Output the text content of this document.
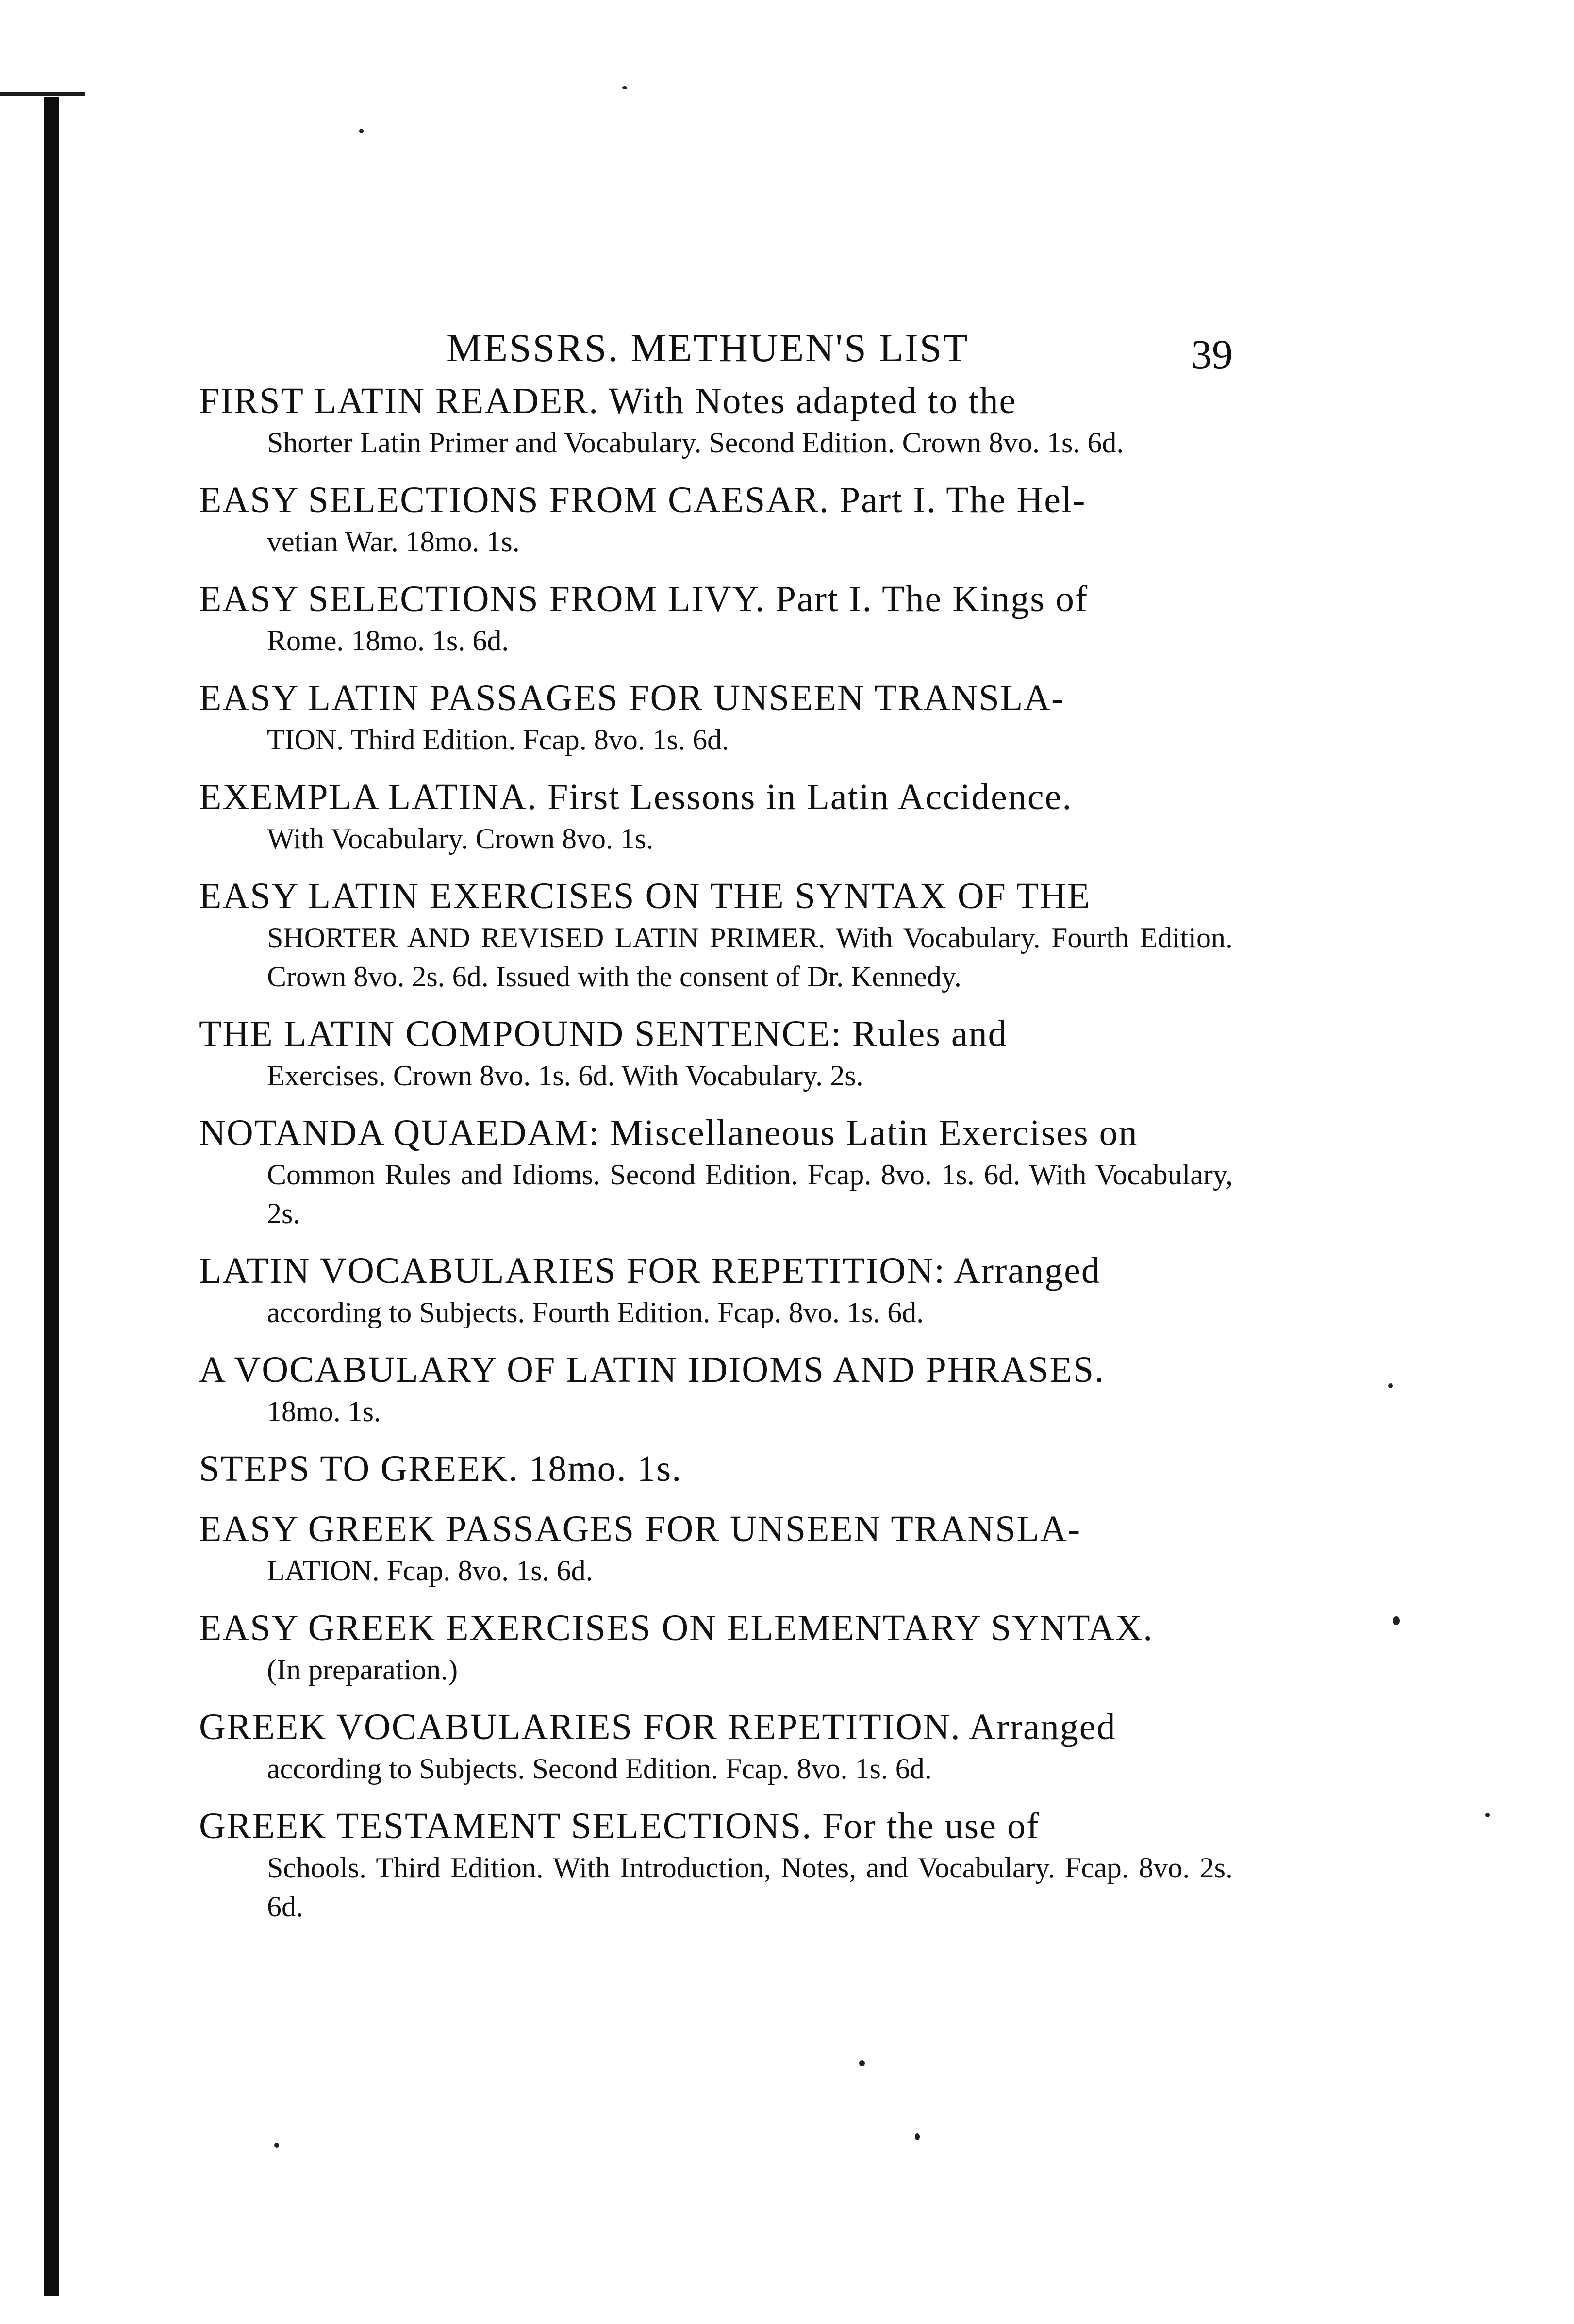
MESSRS. METHUEN'S LIST	39
FIRST LATIN READER. With Notes adapted to the
Shorter Latin Primer and Vocabulary. Second Edition. Crown 8vo. 1s. 6d.
EASY SELECTIONS FROM CAESAR. Part I. The Hel-
vetian War. 18mo. 1s.
EASY SELECTIONS FROM LIVY. Part I. The Kings of
Rome. 18mo. 1s. 6d.
EASY LATIN PASSAGES FOR UNSEEN TRANSLA-
TION. Third Edition. Fcap. 8vo. 1s. 6d.
EXEMPLA LATINA. First Lessons in Latin Accidence.
With Vocabulary. Crown 8vo. 1s.
EASY LATIN EXERCISES ON THE SYNTAX OF THE
SHORTER AND REVISED LATIN PRIMER. With Vocabulary. Fourth Edition. Crown 8vo. 2s. 6d. Issued with the consent of Dr. Kennedy.
THE LATIN COMPOUND SENTENCE: Rules and
Exercises. Crown 8vo. 1s. 6d. With Vocabulary. 2s.
NOTANDA QUAEDAM: Miscellaneous Latin Exercises on
Common Rules and Idioms. Second Edition. Fcap. 8vo. 1s. 6d. With Vocabulary, 2s.
LATIN VOCABULARIES FOR REPETITION: Arranged
according to Subjects. Fourth Edition. Fcap. 8vo. 1s. 6d.
A VOCABULARY OF LATIN IDIOMS AND PHRASES.
18mo. 1s.
STEPS TO GREEK. 18mo. 1s.
EASY GREEK PASSAGES FOR UNSEEN TRANSLA-
LATION. Fcap. 8vo. 1s. 6d.
EASY GREEK EXERCISES ON ELEMENTARY SYNTAX.
(In preparation.)
GREEK VOCABULARIES FOR REPETITION. Arranged
according to Subjects. Second Edition. Fcap. 8vo. 1s. 6d.
GREEK TESTAMENT SELECTIONS. For the use of
Schools. Third Edition. With Introduction, Notes, and Vocabulary. Fcap. 8vo. 2s. 6d.
